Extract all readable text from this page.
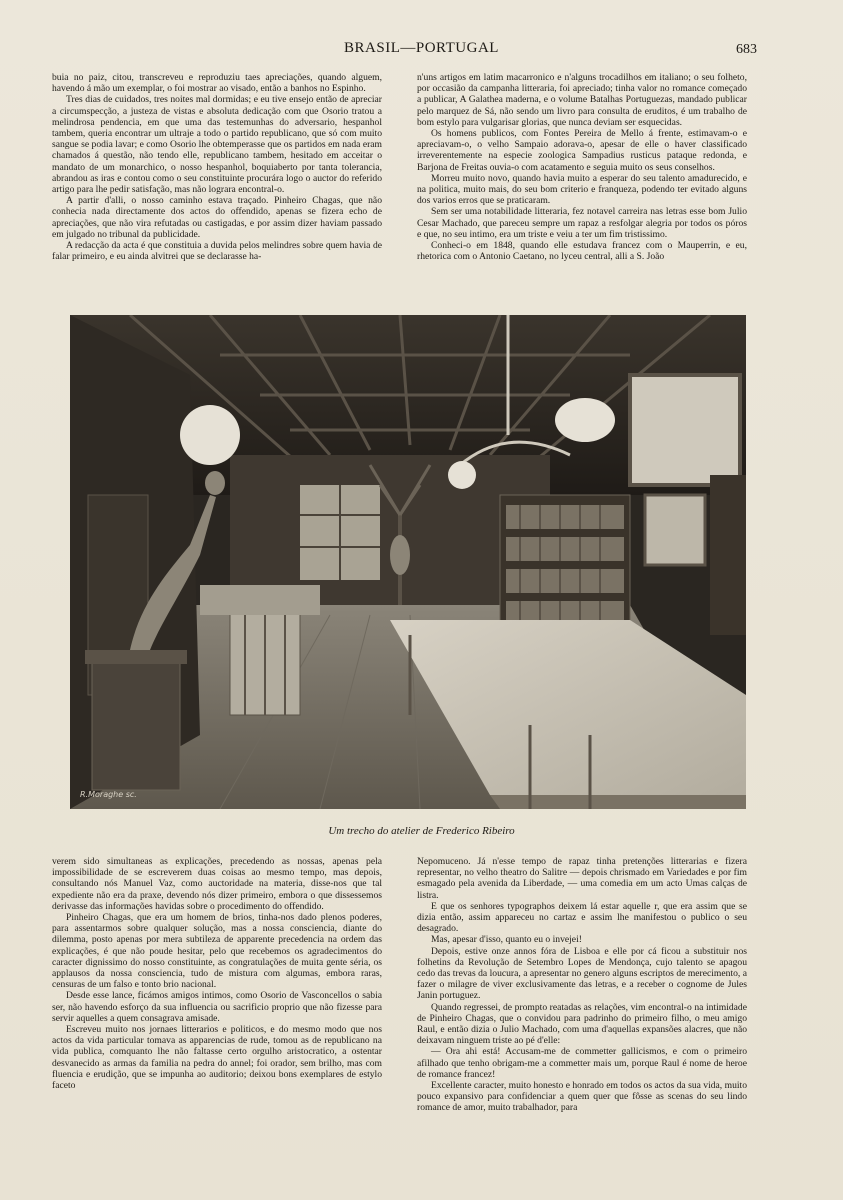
BRASIL—PORTUGAL	683

buia no paiz, citou, transcreveu e reproduziu taes apreciações, quando alguem, havendo á mão um exemplar, o foi mostrar ao visado, então a banhos no Espinho.

Tres dias de cuidados, tres noites mal dormidas; e eu tive ensejo então de apreciar a circumspecção, a justeza de vistas e absoluta dedicação com que Osorio tratou a melindrosa pendencia, em que uma das testemunhas do adversario, hespanhol tambem, queria encontrar um ultraje a todo o partido republicano, que só com muito sangue se podia lavar; e como Osorio lhe obtemperasse que os partidos em nada eram chamados á questão, não tendo elle, republicano tambem, hesitado em acceitar o mandato de um monarchico, o nosso hespanhol, boquiaberto por tanta tolerancia, abrandou as iras e contou como o seu constituinte procurára logo o auctor do referido artigo para lhe pedir satisfação, mas não lograra encontral-o.

A partir d'alli, o nosso caminho estava traçado. Pinheiro Chagas, que não conhecia nada directamente dos actos do offendido, apenas se fizera echo de apreciações, que não vira refutadas ou castigadas, e por assim dizer haviam passado em julgado no tribunal da publicidade.

A redacção da acta é que constituia a duvida pelos melindres sobre quem havia de falar primeiro, e eu ainda alvitrei que se declarasse ha-

n'uns artigos em latim macarronico e n'alguns trocadilhos em italiano; o seu folheto, por occasião da campanha litteraria, foi apreciado; tinha valor no romance começado a publicar, A Galathea maderna, e o volume Batalhas Portuguezas, mandado publicar pelo marquez de Sá, não sendo um livro para consulta de eruditos, é um trabalho de bom estylo para vulgarisar glorias, que nunca deviam ser esquecidas.

Os homens publicos, com Fontes Pereira de Mello á frente, estimavam-o e apreciavam-o, o velho Sampaio adorava-o, apesar de elle o haver classificado irreverentemente na especie zoologica Sampadius rusticus pataque redonda, e Barjona de Freitas ouvia-o com acatamento e seguia muito os seus conselhos.

Morreu muito novo, quando havia muito a esperar do seu talento amadurecido, e na politica, muito mais, do seu bom criterio e franqueza, podendo ter evitado alguns dos varios erros que se praticaram.

Sem ser uma notabilidade litteraria, fez notavel carreira nas letras esse bom Julio Cesar Machado, que pareceu sempre um rapaz a resfolgar alegria por todos os póros e que, no seu intimo, era um triste e veiu a ter um fim tristissimo.

Conheci-o em 1848, quando elle estudava francez com o Mauperrin, e eu, rhetorica com o Antonio Caetano, no lyceu central, alli a S. João

R.Moraghe sc.
Um trecho do atelier de Frederico Ribeiro

verem sido simultaneas as explicações, precedendo as nossas, apenas pela impossibilidade de se escreverem duas coisas ao mesmo tempo, mas depois, consultando nós Manuel Vaz, como auctoridade na materia, disse-nos que tal expediente não era da praxe, devendo nós dizer primeiro, embora o que dissessemos derivasse das informações havidas sobre o procedimento do offendido.

Pinheiro Chagas, que era um homem de brios, tinha-nos dado plenos poderes, para assentarmos sobre qualquer solução, mas a nossa consciencia, diante do dilemma, posto apenas por mera subtileza de apparente precedencia na ordem das explicações, é que não poude hesitar, pelo que recebemos os agradecimentos do caracter dignissimo do nosso constituinte, as congratulações de muita gente séria, os applausos da nossa consciencia, tudo de mistura com algumas, embora raras, censuras de um falso e tonto brio nacional.

Desde esse lance, ficámos amigos intimos, como Osorio de Vasconcellos o sabia ser, não havendo esforço da sua influencia ou sacrificio proprio que não fizesse para servir aquelles a quem consagrava amisade.

Escreveu muito nos jornaes litterarios e politicos, e do mesmo modo que nos actos da vida particular tomava as apparencias de rude, tomou as de republicano na vida publica, comquanto lhe não faltasse certo orgulho aristocratico, a ostentar desvanecido as armas da familia na pedra do annel; foi orador, sem brilho, mas com fluencia e erudição, que se impunha ao auditorio; deixou bons exemplares de estylo faceto

Nepomuceno. Já n'esse tempo de rapaz tinha pretenções litterarias e fizera representar, no velho theatro do Salitre — depois chrismado em Variedades e por fim esmagado pela avenida da Liberdade, — uma comedia em um acto Umas calças de listra.

E que os senhores typographos deixem lá estar aquelle r, que era assim que se dizia então, assim appareceu no cartaz e assim lhe manifestou o publico o seu desagrado.

Mas, apesar d'isso, quanto eu o invejei!

Depois, estive onze annos fóra de Lisboa e elle por cá ficou a substituir nos folhetins da Revolução de Setembro Lopes de Mendonça, cujo talento se apagou cedo das trevas da loucura, a apresentar no genero alguns escriptos de merecimento, a fazer o milagre de viver exclusivamente das letras, e a receber o cognome de Jules Janin portuguez.

Quando regressei, de prompto reatadas as relações, vim encontral-o na intimidade de Pinheiro Chagas, que o convidou para padrinho do primeiro filho, o meu amigo Raul, e então dizia o Julio Machado, com uma d'aquellas expansões alacres, que não deixavam ninguem triste ao pé d'elle:

— Ora ahi está! Accusam-me de commetter gallicismos, e com o primeiro afilhado que tenho obrigam-me a commetter mais um, porque Raul é nome de heroe de romance francez!

Excellente caracter, muito honesto e honrado em todos os actos da sua vida, muito pouco expansivo para confidenciar a quem quer que fôsse as scenas do seu lindo romance de amor, muito trabalhador, para
